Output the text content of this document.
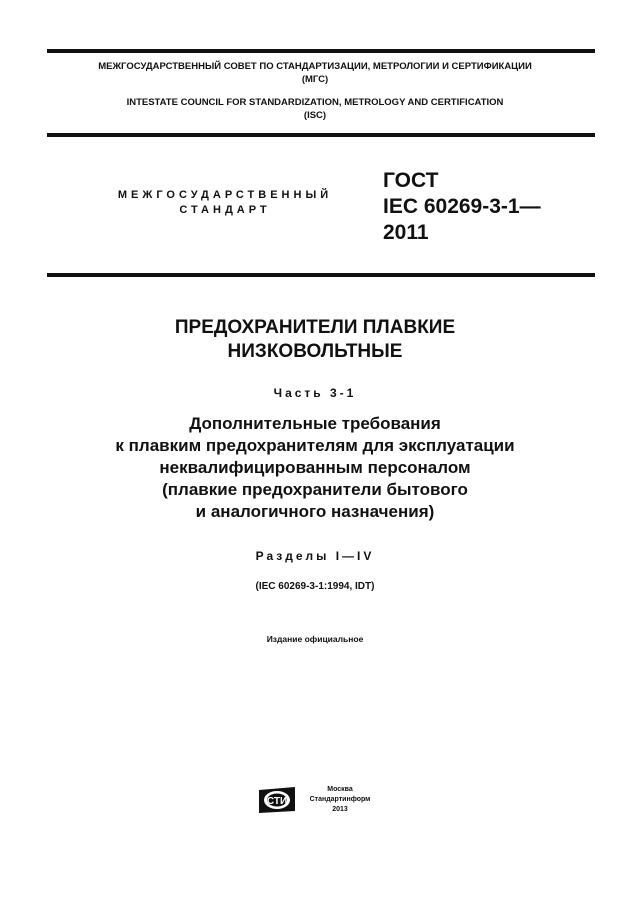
МЕЖГОСУДАРСТВЕННЫЙ СОВЕТ ПО СТАНДАРТИЗАЦИИ, МЕТРОЛОГИИ И СЕРТИФИКАЦИИ
(МГС)
INTESTATE COUNCIL FOR STANDARDIZATION, METROLOGY AND CERTIFICATION
(ISC)
МЕЖГОСУДАРСТВЕННЫЙ
СТАНДАРТ
ГОСТ
IEC 60269-3-1—
2011
ПРЕДОХРАНИТЕЛИ ПЛАВКИЕ
НИЗКОВОЛЬТНЫЕ
Часть 3-1
Дополнительные требования
к плавким предохранителям для эксплуатации
неквалифицированным персоналом
(плавкие предохранители бытового
и аналогичного назначения)
Разделы I—IV
(IEC 60269-3-1:1994, IDT)
Издание официальное
СТИ
Москва
Стандартинформ
2013
